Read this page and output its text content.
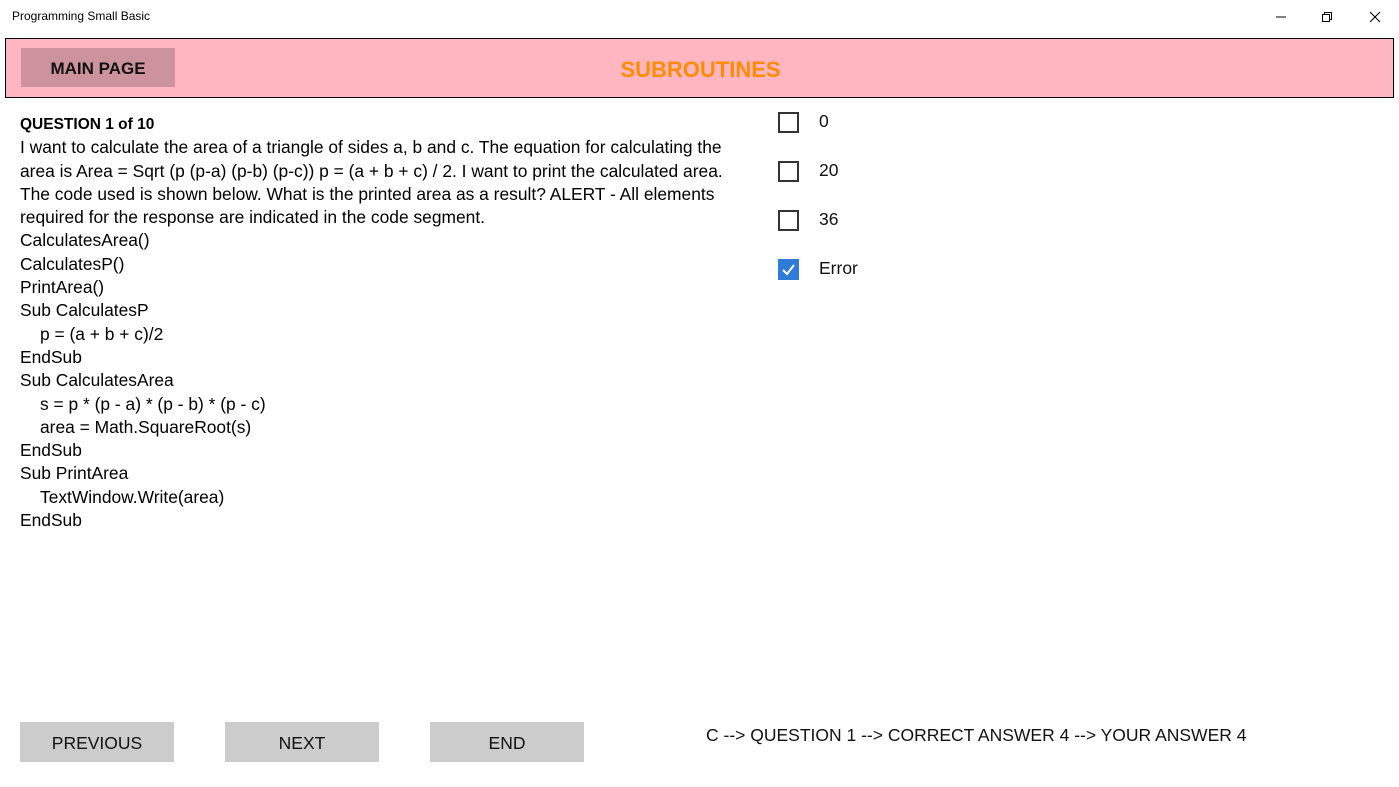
Programming Small Basic
MAIN PAGE	SUBROUTINES
QUESTION 1 of 10

I want to calculate the area of a triangle of sides a, b and c. The equation for calculating the area is Area = Sqrt (p (p-a) (p-b) (p-c)) p = (a + b + c) / 2. I want to print the calculated area. The code used is shown below. What is the printed area as a result? ALERT - All elements required for the response are indicated in the code segment.

CalculatesArea()
CalculatesP()
PrintArea()
Sub CalculatesP
p = (a + b + c)/2
EndSub
Sub CalculatesArea
s = p * (p - a) * (p - b) * (p - c)
area = Math.SquareRoot(s)
EndSub
Sub PrintArea
TextWindow.Write(area)
EndSub
0
20
36
Error
PREVIOUS	NEXT	END	C --> QUESTION 1 --> CORRECT ANSWER 4 --> YOUR ANSWER 4
